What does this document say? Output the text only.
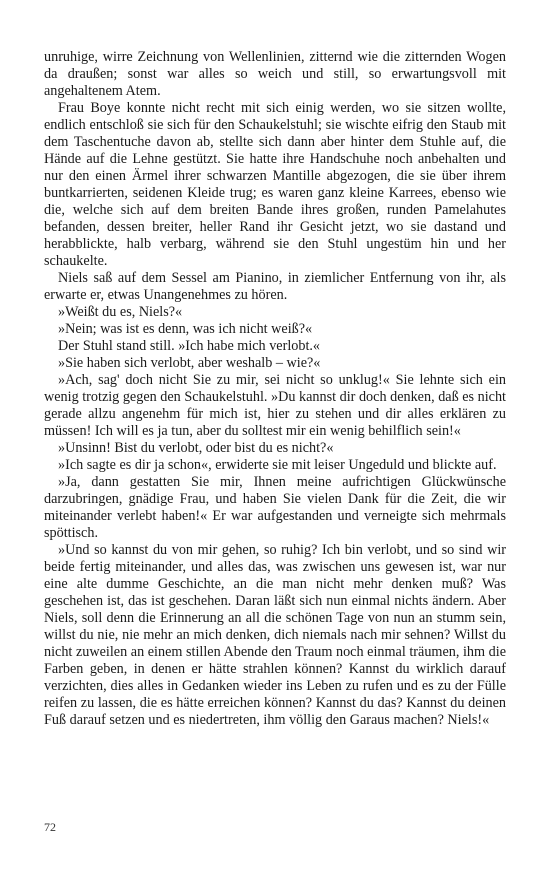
unruhige, wirre Zeichnung von Wellenlinien, zitternd wie die zitternden Wogen da draußen; sonst war alles so weich und still, so erwartungsvoll mit angehaltenem Atem.

Frau Boye konnte nicht recht mit sich einig werden, wo sie sitzen wollte, endlich entschloß sie sich für den Schaukelstuhl; sie wischte eifrig den Staub mit dem Taschentuche davon ab, stellte sich dann aber hinter dem Stuhle auf, die Hände auf die Lehne gestützt. Sie hatte ihre Handschuhe noch anbehalten und nur den einen Ärmel ihrer schwarzen Mantille abgezogen, die sie über ihrem buntkarrierten, seidenen Kleide trug; es waren ganz kleine Karrees, ebenso wie die, welche sich auf dem breiten Bande ihres großen, runden Pamelahutes befanden, dessen breiter, heller Rand ihr Gesicht jetzt, wo sie dastand und herabblickte, halb verbarg, während sie den Stuhl ungestüm hin und her schaukelte.

Niels saß auf dem Sessel am Pianino, in ziemlicher Entfernung von ihr, als erwarte er, etwas Unangenehmes zu hören.

»Weißt du es, Niels?«

»Nein; was ist es denn, was ich nicht weiß?«

Der Stuhl stand still. »Ich habe mich verlobt.«

»Sie haben sich verlobt, aber weshalb – wie?«

»Ach, sag' doch nicht Sie zu mir, sei nicht so unklug!« Sie lehnte sich ein wenig trotzig gegen den Schaukelstuhl. »Du kannst dir doch denken, daß es nicht gerade allzu angenehm für mich ist, hier zu stehen und dir alles erklären zu müssen! Ich will es ja tun, aber du solltest mir ein wenig behilflich sein!«

»Unsinn! Bist du verlobt, oder bist du es nicht?«

»Ich sagte es dir ja schon«, erwiderte sie mit leiser Ungeduld und blickte auf.

»Ja, dann gestatten Sie mir, Ihnen meine aufrichtigen Glückwünsche darzubringen, gnädige Frau, und haben Sie vielen Dank für die Zeit, die wir miteinander verlebt haben!« Er war aufgestanden und verneigte sich mehrmals spöttisch.

»Und so kannst du von mir gehen, so ruhig? Ich bin verlobt, und so sind wir beide fertig miteinander, und alles das, was zwischen uns gewesen ist, war nur eine alte dumme Geschichte, an die man nicht mehr denken muß? Was geschehen ist, das ist geschehen. Daran läßt sich nun einmal nichts ändern. Aber Niels, soll denn die Erinnerung an all die schönen Tage von nun an stumm sein, willst du nie, nie mehr an mich denken, dich niemals nach mir sehnen? Willst du nicht zuweilen an einem stillen Abende den Traum noch einmal träumen, ihm die Farben geben, in denen er hätte strahlen können? Kannst du wirklich darauf verzichten, dies alles in Gedanken wieder ins Leben zu rufen und es zu der Fülle reifen zu lassen, die es hätte erreichen können? Kannst du das? Kannst du deinen Fuß darauf setzen und es niedertreten, ihm völlig den Garaus machen? Niels!«

72
